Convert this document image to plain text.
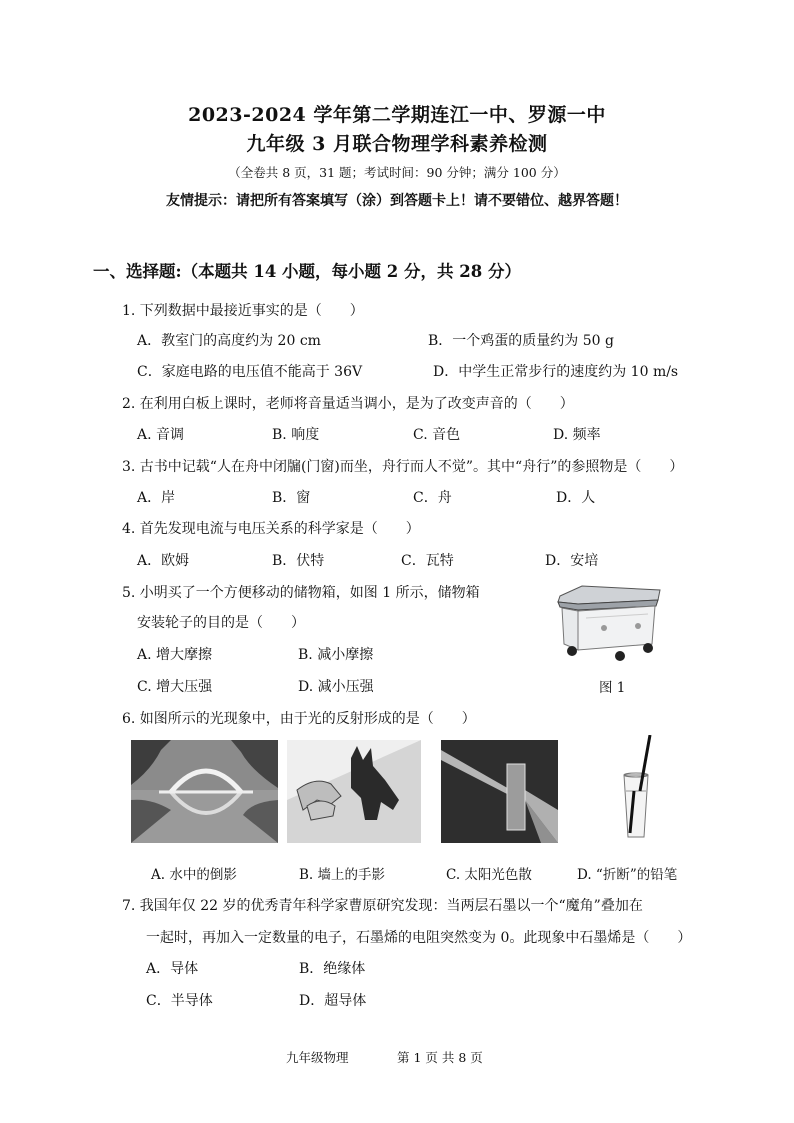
2023-2024 学年第二学期连江一中、罗源一中
九年级 3 月联合物理学科素养检测
（全卷共 8 页，31 题；考试时间：90 分钟；满分 100 分）
友情提示：请把所有答案填写（涂）到答题卡上！请不要错位、越界答题！
一、选择题:（本题共 14 小题，每小题 2 分，共 28 分）
1. 下列数据中最接近事实的是（　　）
A．教室门的高度约为 20 cm	B．一个鸡蛋的质量约为 50 g
C．家庭电路的电压值不能高于 36V	D．中学生正常步行的速度约为 10 m/s
2. 在利用白板上课时，老师将音量适当调小，是为了改变声音的（　　）
A. 音调	B. 响度	C. 音色	D. 频率
3. 古书中记载“人在舟中闭牖(门窗)而坐，舟行而人不觉”。其中“舟行”的参照物是（　　）
A．岸	B．窗	C．舟	D．人
4. 首先发现电流与电压关系的科学家是（　　）
A．欧姆	B．伏特	C．瓦特	D．安培
5. 小明买了一个方便移动的储物箱，如图 1 所示，储物箱
安装轮子的目的是（　　）
A. 增大摩擦	B. 减小摩擦
C. 增大压强	D. 减小压强	图 1
6. 如图所示的光现象中，由于光的反射形成的是（　　）
A. 水中的倒影	B. 墙上的手影	C. 太阳光色散	D. “折断”的铅笔
7. 我国年仅 22 岁的优秀青年科学家曹原研究发现：当两层石墨以一个“魔角”叠加在
一起时，再加入一定数量的电子，石墨烯的电阻突然变为 0。此现象中石墨烯是（　　）
A．导体	B．绝缘体
C．半导体	D．超导体
九年级物理	第 1 页 共 8 页
